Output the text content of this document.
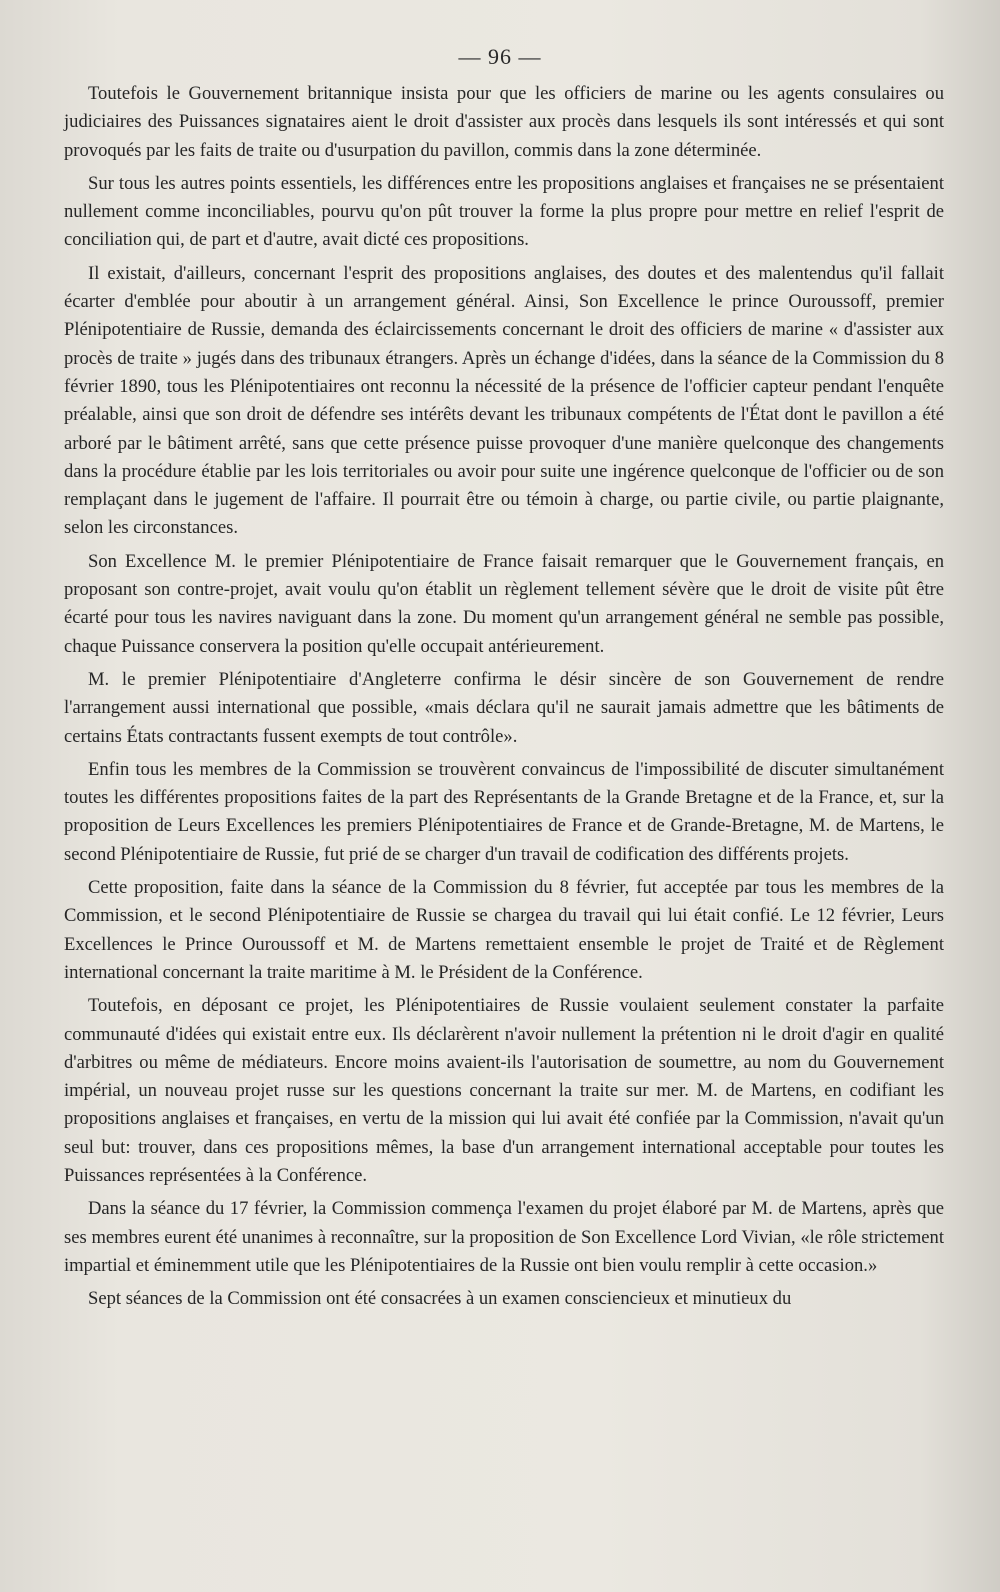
— 96 —

Toutefois le Gouvernement britannique insista pour que les officiers de marine ou les agents consulaires ou judiciaires des Puissances signataires aient le droit d'assister aux procès dans lesquels ils sont intéressés et qui sont provoqués par les faits de traite ou d'usurpation du pavillon, commis dans la zone déterminée.

Sur tous les autres points essentiels, les différences entre les propositions anglaises et françaises ne se présentaient nullement comme inconciliables, pourvu qu'on pût trouver la forme la plus propre pour mettre en relief l'esprit de conciliation qui, de part et d'autre, avait dicté ces propositions.

Il existait, d'ailleurs, concernant l'esprit des propositions anglaises, des doutes et des malentendus qu'il fallait écarter d'emblée pour aboutir à un arrangement général. Ainsi, Son Excellence le prince Ouroussoff, premier Plénipotentiaire de Russie, demanda des éclaircissements concernant le droit des officiers de marine « d'assister aux procès de traite » jugés dans des tribunaux étrangers. Après un échange d'idées, dans la séance de la Commission du 8 février 1890, tous les Plénipotentiaires ont reconnu la nécessité de la présence de l'officier capteur pendant l'enquête préalable, ainsi que son droit de défendre ses intérêts devant les tribunaux compétents de l'État dont le pavillon a été arboré par le bâtiment arrêté, sans que cette présence puisse provoquer d'une manière quelconque des changements dans la procédure établie par les lois territoriales ou avoir pour suite une ingérence quelconque de l'officier ou de son remplaçant dans le jugement de l'affaire. Il pourrait être ou témoin à charge, ou partie civile, ou partie plaignante, selon les circonstances.

Son Excellence M. le premier Plénipotentiaire de France faisait remarquer que le Gouvernement français, en proposant son contre-projet, avait voulu qu'on établit un règlement tellement sévère que le droit de visite pût être écarté pour tous les navires naviguant dans la zone. Du moment qu'un arrangement général ne semble pas possible, chaque Puissance conservera la position qu'elle occupait antérieurement.

M. le premier Plénipotentiaire d'Angleterre confirma le désir sincère de son Gouvernement de rendre l'arrangement aussi international que possible, «mais déclara qu'il ne saurait jamais admettre que les bâtiments de certains États contractants fussent exempts de tout contrôle».

Enfin tous les membres de la Commission se trouvèrent convaincus de l'impossibilité de discuter simultanément toutes les différentes propositions faites de la part des Représentants de la Grande Bretagne et de la France, et, sur la proposition de Leurs Excellences les premiers Plénipotentiaires de France et de Grande-Bretagne, M. de Martens, le second Plénipotentiaire de Russie, fut prié de se charger d'un travail de codification des différents projets.

Cette proposition, faite dans la séance de la Commission du 8 février, fut acceptée par tous les membres de la Commission, et le second Plénipotentiaire de Russie se chargea du travail qui lui était confié. Le 12 février, Leurs Excellences le Prince Ouroussoff et M. de Martens remettaient ensemble le projet de Traité et de Règlement international concernant la traite maritime à M. le Président de la Conférence.

Toutefois, en déposant ce projet, les Plénipotentiaires de Russie voulaient seulement constater la parfaite communauté d'idées qui existait entre eux. Ils déclarèrent n'avoir nullement la prétention ni le droit d'agir en qualité d'arbitres ou même de médiateurs. Encore moins avaient-ils l'autorisation de soumettre, au nom du Gouvernement impérial, un nouveau projet russe sur les questions concernant la traite sur mer. M. de Martens, en codifiant les propositions anglaises et françaises, en vertu de la mission qui lui avait été confiée par la Commission, n'avait qu'un seul but: trouver, dans ces propositions mêmes, la base d'un arrangement international acceptable pour toutes les Puissances représentées à la Conférence.

Dans la séance du 17 février, la Commission commença l'examen du projet élaboré par M. de Martens, après que ses membres eurent été unanimes à reconnaître, sur la proposition de Son Excellence Lord Vivian, «le rôle strictement impartial et éminemment utile que les Plénipotentiaires de la Russie ont bien voulu remplir à cette occasion.»

Sept séances de la Commission ont été consacrées à un examen consciencieux et minutieux du
